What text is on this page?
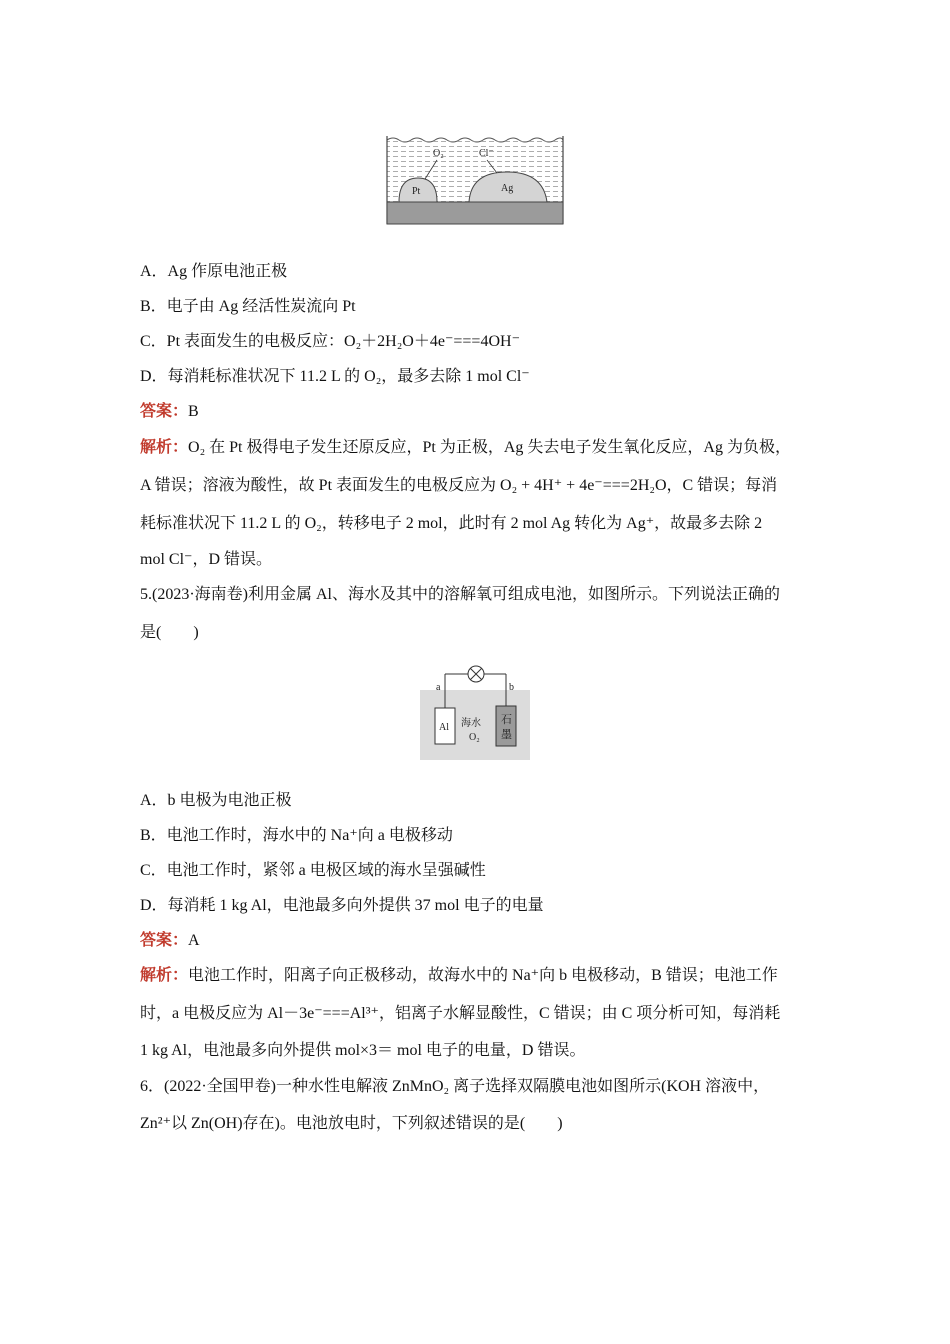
O₂	Cl⁻
Pt	Ag
A．Ag 作原电池正极
B．电子由 Ag 经活性炭流向 Pt
C．Pt 表面发生的电极反应：O₂＋2H₂O＋4e⁻===4OH⁻
D．每消耗标准状况下 11.2 L 的 O₂，最多去除 1 mol Cl⁻
答案：B
解析：O₂ 在 Pt 极得电子发生还原反应，Pt 为正极，Ag 失去电子发生氧化反应，Ag 为负极，
A 错误；溶液为酸性，故 Pt 表面发生的电极反应为 O₂ + 4H⁺ + 4e⁻===2H₂O，C 错误；每消
耗标准状况下 11.2 L 的 O₂，转移电子 2 mol，此时有 2 mol Ag 转化为 Ag⁺，故最多去除 2
mol Cl⁻，D 错误。
5.(2023·海南卷)利用金属 Al、海水及其中的溶解氧可组成电池，如图所示。下列说法正确的
是(　　)
a	b
Al 海水
O₂
石
墨
A．b 电极为电池正极
B．电池工作时，海水中的 Na⁺向 a 电极移动
C．电池工作时，紧邻 a 电极区域的海水呈强碱性
D．每消耗 1 kg Al，电池最多向外提供 37 mol 电子的电量
答案：A
解析：电池工作时，阳离子向正极移动，故海水中的 Na⁺向 b 电极移动，B 错误；电池工作
时，a 电极反应为 Al－3e⁻===Al³⁺，铝离子水解显酸性，C 错误；由 C 项分析可知，每消耗
1 kg Al，电池最多向外提供 mol×3＝ mol 电子的电量，D 错误。
6．(2022·全国甲卷)一种水性电解液 ZnMnO₂ 离子选择双隔膜电池如图所示(KOH 溶液中，
Zn²⁺以 Zn(OH)存在)。电池放电时，下列叙述错误的是(　　)
